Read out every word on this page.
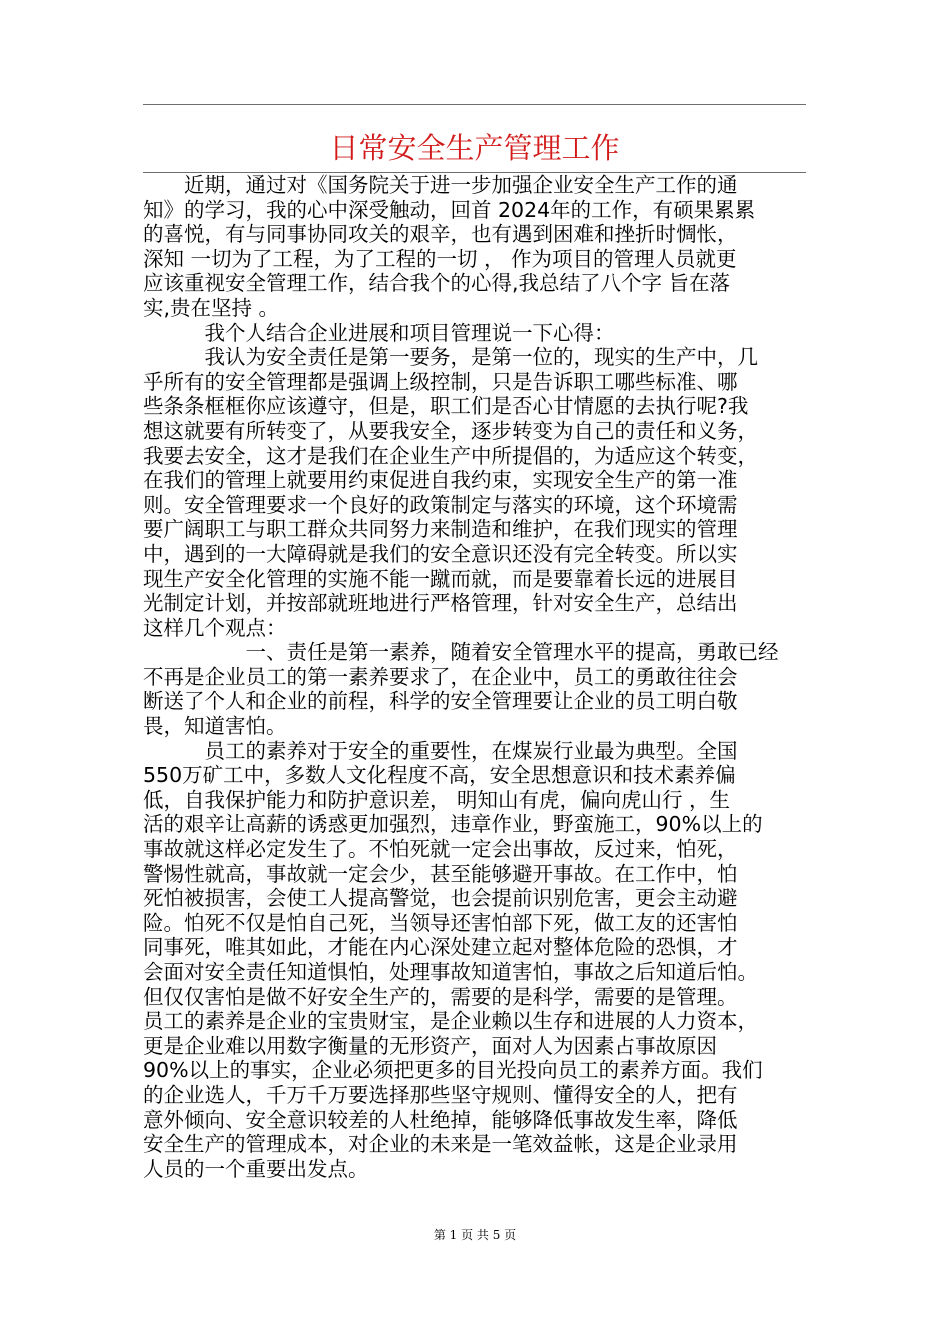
日常安全生产管理工作

　　近期，通过对《国务院关于进一步加强企业安全生产工作的通

知》的学习，我的心中深受触动，回首 2024年的工作，有硕果累累

的喜悦，有与同事协同攻关的艰辛，也有遇到困难和挫折时惆怅，

深知 一切为了工程，为了工程的一切 ， 作为项目的管理人员就更

应该重视安全管理工作，结合我个的心得,我总结了八个字 旨在落

实,贵在坚持 。

　　　我个人结合企业进展和项目管理说一下心得：

　　　我认为安全责任是第一要务，是第一位的，现实的生产中，几

乎所有的安全管理都是强调上级控制，只是告诉职工哪些标准、哪

些条条框框你应该遵守，但是，职工们是否心甘情愿的去执行呢?我

想这就要有所转变了，从要我安全，逐步转变为自己的责任和义务，

我要去安全，这才是我们在企业生产中所提倡的，为适应这个转变，

在我们的管理上就要用约束促进自我约束，实现安全生产的第一准

则。安全管理要求一个良好的政策制定与落实的环境，这个环境需

要广阔职工与职工群众共同努力来制造和维护，在我们现实的管理

中，遇到的一大障碍就是我们的安全意识还没有完全转变。所以实

现生产安全化管理的实施不能一蹴而就，而是要靠着长远的进展目

光制定计划，并按部就班地进行严格管理，针对安全生产，总结出

这样几个观点：

　　　　　一、责任是第一素养，随着安全管理水平的提高，勇敢已经

不再是企业员工的第一素养要求了，在企业中，员工的勇敢往往会

断送了个人和企业的前程，科学的安全管理要让企业的员工明白敬

畏，知道害怕。

　　　员工的素养对于安全的重要性，在煤炭行业最为典型。全国

550万矿工中，多数人文化程度不高，安全思想意识和技术素养偏

低，自我保护能力和防护意识差， 明知山有虎，偏向虎山行 ，生

活的艰辛让高薪的诱惑更加强烈，违章作业，野蛮施工，90%以上的

事故就这样必定发生了。不怕死就一定会出事故，反过来，怕死，

警惕性就高，事故就一定会少，甚至能够避开事故。在工作中，怕

死怕被损害，会使工人提高警觉，也会提前识别危害，更会主动避

险。怕死不仅是怕自己死，当领导还害怕部下死，做工友的还害怕

同事死，唯其如此，才能在内心深处建立起对整体危险的恐惧，才

会面对安全责任知道惧怕，处理事故知道害怕，事故之后知道后怕。

但仅仅害怕是做不好安全生产的，需要的是科学，需要的是管理。

员工的素养是企业的宝贵财宝，是企业赖以生存和进展的人力资本，

更是企业难以用数字衡量的无形资产，面对人为因素占事故原因

90%以上的事实，企业必须把更多的目光投向员工的素养方面。我们

的企业选人，千万千万要选择那些坚守规则、懂得安全的人，把有

意外倾向、安全意识较差的人杜绝掉，能够降低事故发生率，降低

安全生产的管理成本，对企业的未来是一笔效益帐，这是企业录用

人员的一个重要出发点。

第 1 页 共 5 页
